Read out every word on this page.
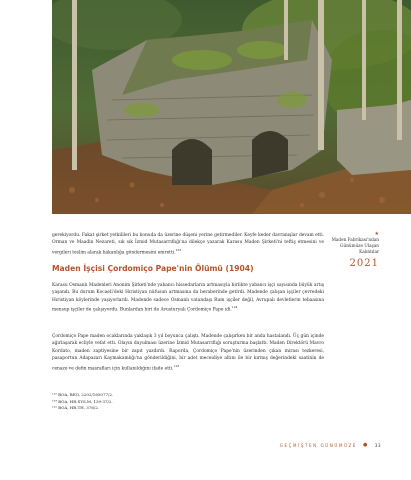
gerekiyordu. Fakat şirket yetkilileri bu konuda da üzerine düşeni yerine getirmediler. Keyfe keder davranışlar devam etti. Orman ve Maadin Nezareti, sık sık İzmid Mutasarrıflığı'na dilekçe yazarak Karasu Maden Şirketi'ni teftiş etmesini ve vergileri teslim alarak hakanlığa göndermesini emretti.$^{123}$

Maden İşçisi Çordomiço Pape'nin Ölümü (1904)

Karasu Osmanlı Madenleri Anonim Şirketi'nde yabancı hissedarların artmasıyla birlikte yabancı işçi sayısında büyük artış yaşandı. Bu durum Kocaeli'deki Hıristiyan nüfusun artmasına da beraberinde getirdi. Madende çalışan işçiler çevredeki Hıristiyan köylerinde yaşıyorlardı. Madende sadece Osmanlı vatandaşı Rum işçiler değil, Avrupalı devletlerin tebaasına mensup işçiler de çalışıyordu. Bunlardan biri de Avusturyalı Çordomiço Pape idi.$^{124}$

Çordomiço Pape maden ocaklarında yaklaşık 3 yıl boyunca çalıştı. Madende çalışırken bir anda hastalandı. Üç gün içinde ağırlaşarak ecliyle vefat etti. Olayın duyulması üzerine İzmid Mutasarrıflığı soruşturma başlattı. Maden Direktörü Mavro Kordato, maden zaptiyesine bir zapıt yazdırdı. Raporda, Çordomiço Pape'nin üzerinden çıkan mirası tezkeresi, pasaportun Adapazarı Kaymakamlığı'na gönderildiğini, bir adet meceidiye altını ile bir kırmış değerindeki saatinin de cenaze ve defin masrafları için kullanıldığını ifade etti.$^{125}$

¹²³ BOA, BEO, 2202/165077/2.

¹²⁴ BOA, HR.SYS.M, 139-37/2.

¹²⁵ BOA, HR.TH, 376/2.

★
Maden Fabrikası'ndan
Günümüze Ulaşan
Kalıntılar
2021
GEÇMİŞTEN GÜNÜMÜZE ● 33
